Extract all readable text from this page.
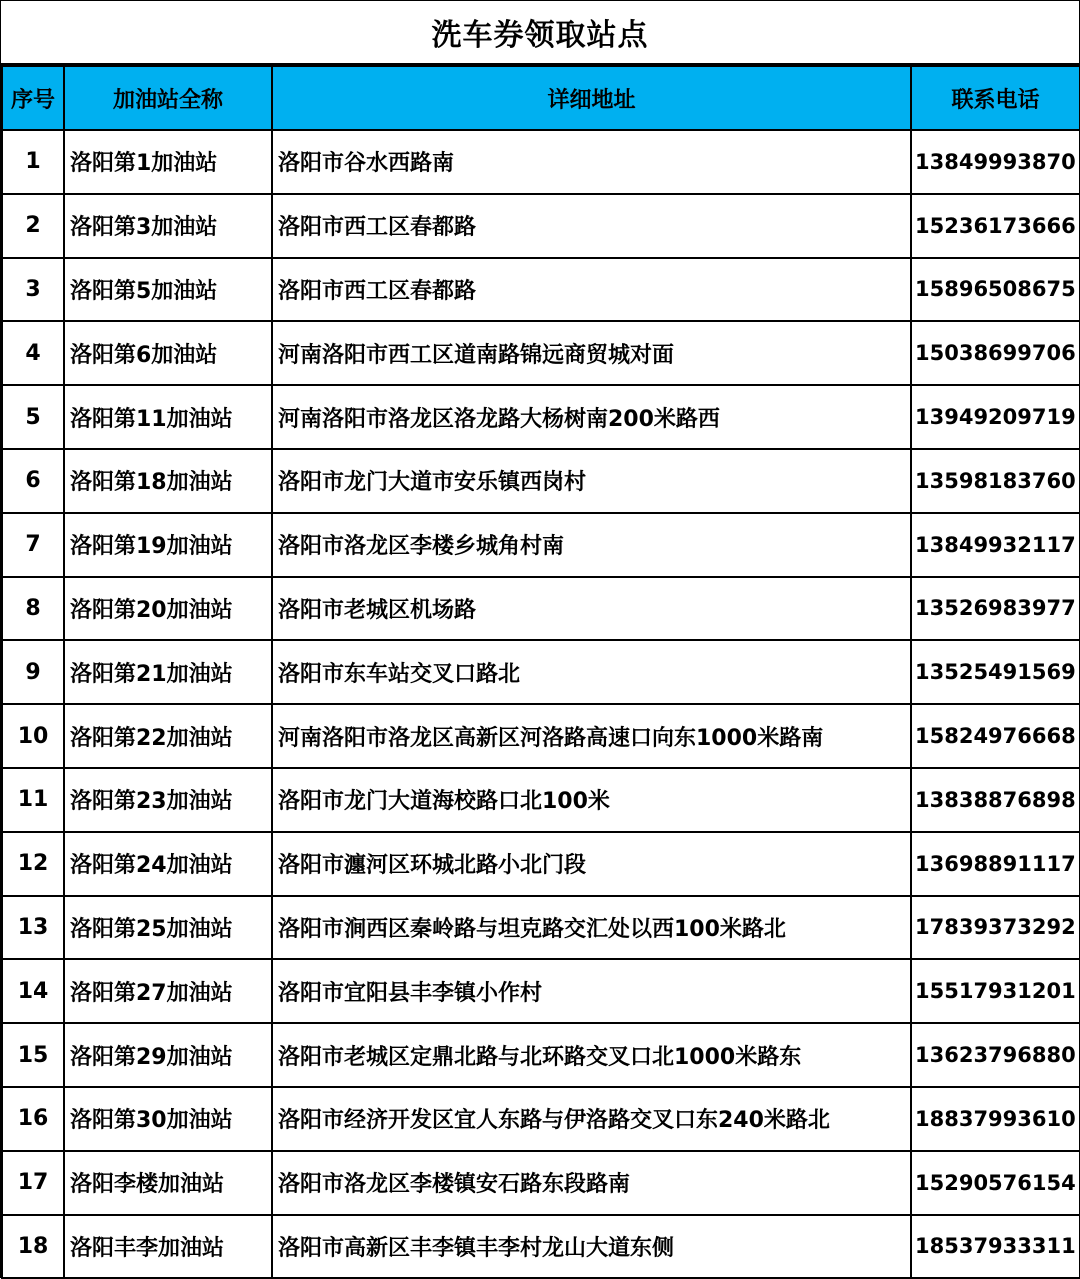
洗车券领取站点
序号	加油站全称	详细地址	联系电话
1	洛阳第1加油站	洛阳市谷水西路南	13849993870
2	洛阳第3加油站	洛阳市西工区春都路	15236173666
3	洛阳第5加油站	洛阳市西工区春都路	15896508675
4	洛阳第6加油站	河南洛阳市西工区道南路锦远商贸城对面	15038699706
5	洛阳第11加油站	河南洛阳市洛龙区洛龙路大杨树南200米路西	13949209719
6	洛阳第18加油站	洛阳市龙门大道市安乐镇西岗村	13598183760
7	洛阳第19加油站	洛阳市洛龙区李楼乡城角村南	13849932117
8	洛阳第20加油站	洛阳市老城区机场路	13526983977
9	洛阳第21加油站	洛阳市东车站交叉口路北	13525491569
10	洛阳第22加油站	河南洛阳市洛龙区高新区河洛路高速口向东1000米路南	15824976668
11	洛阳第23加油站	洛阳市龙门大道海校路口北100米	13838876898
12	洛阳第24加油站	洛阳市瀍河区环城北路小北门段	13698891117
13	洛阳第25加油站	洛阳市涧西区秦岭路与坦克路交汇处以西100米路北	17839373292
14	洛阳第27加油站	洛阳市宜阳县丰李镇小作村	15517931201
15	洛阳第29加油站	洛阳市老城区定鼎北路与北环路交叉口北1000米路东	13623796880
16	洛阳第30加油站	洛阳市经济开发区宜人东路与伊洛路交叉口东240米路北	18837993610
17	洛阳李楼加油站	洛阳市洛龙区李楼镇安石路东段路南	15290576154
18	洛阳丰李加油站	洛阳市高新区丰李镇丰李村龙山大道东侧	18537933311
